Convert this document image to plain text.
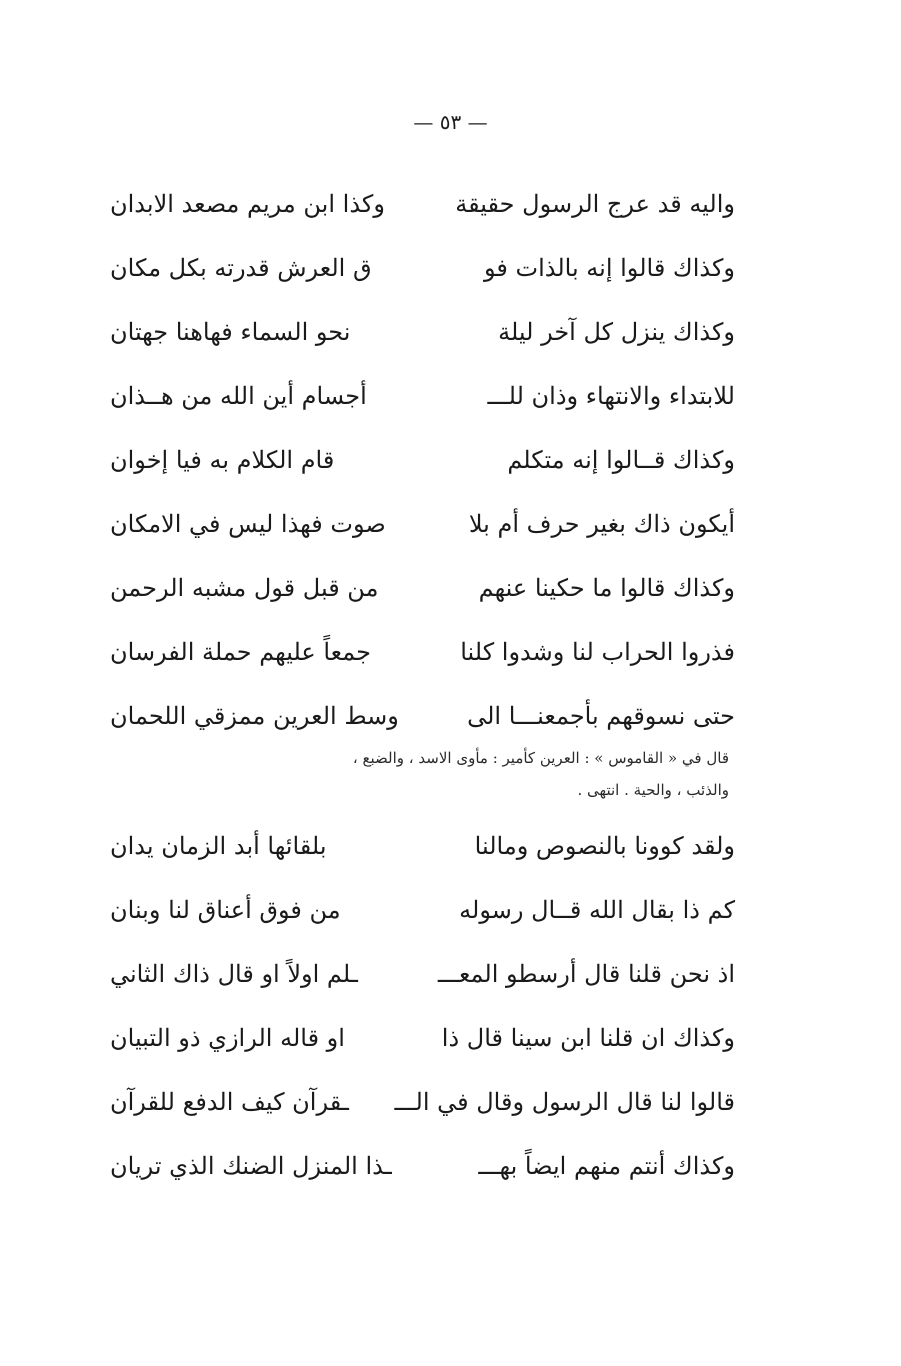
— ٥٣ —
واليه قد عرج الرسول حقيقة
وكذا ابن مريم مصعد الابدان
وكذاك قالوا إنه بالذات فو
ق العرش قدرته بكل مكان
وكذاك ينزل كل آخر ليلة
نحو السماء فهاهنا جهتان
للابتداء والانتهاء وذان للـــ
أجسام أين الله من هــذان
وكذاك قــالوا إنه متكلم
قام الكلام به فيا إخوان
أيكون ذاك بغير حرف أم بلا
صوت فهذا ليس في الامكان
وكذاك قالوا ما حكينا عنهم
من قبل قول مشبه الرحمن
فذروا الحراب لنا وشدوا كلنا
جمعاً عليهم حملة الفرسان
حتى نسوقهم بأجمعنـــا الى
وسط العرين ممزقي اللحمان
قال في « القاموس » : العرين كأمير : مأوى الاسد ، والضبع ،
والذئب ، والحية . انتهى .
ولقد كوونا بالنصوص ومالنا
بلقائها أبد الزمان يدان
كم ذا بقال الله قــال رسوله
من فوق أعناق لنا وبنان
اذ نحن قلنا قال أرسطو المعـــ
ـلم اولاً او قال ذاك الثاني
وكذاك ان قلنا ابن سينا قال ذا
او قاله الرازي ذو التبيان
قالوا لنا قال الرسول وقال في الـــ
ـقرآن كيف الدفع للقرآن
وكذاك أنتم منهم ايضاً بهـــ
ـذا المنزل الضنك الذي تريان
